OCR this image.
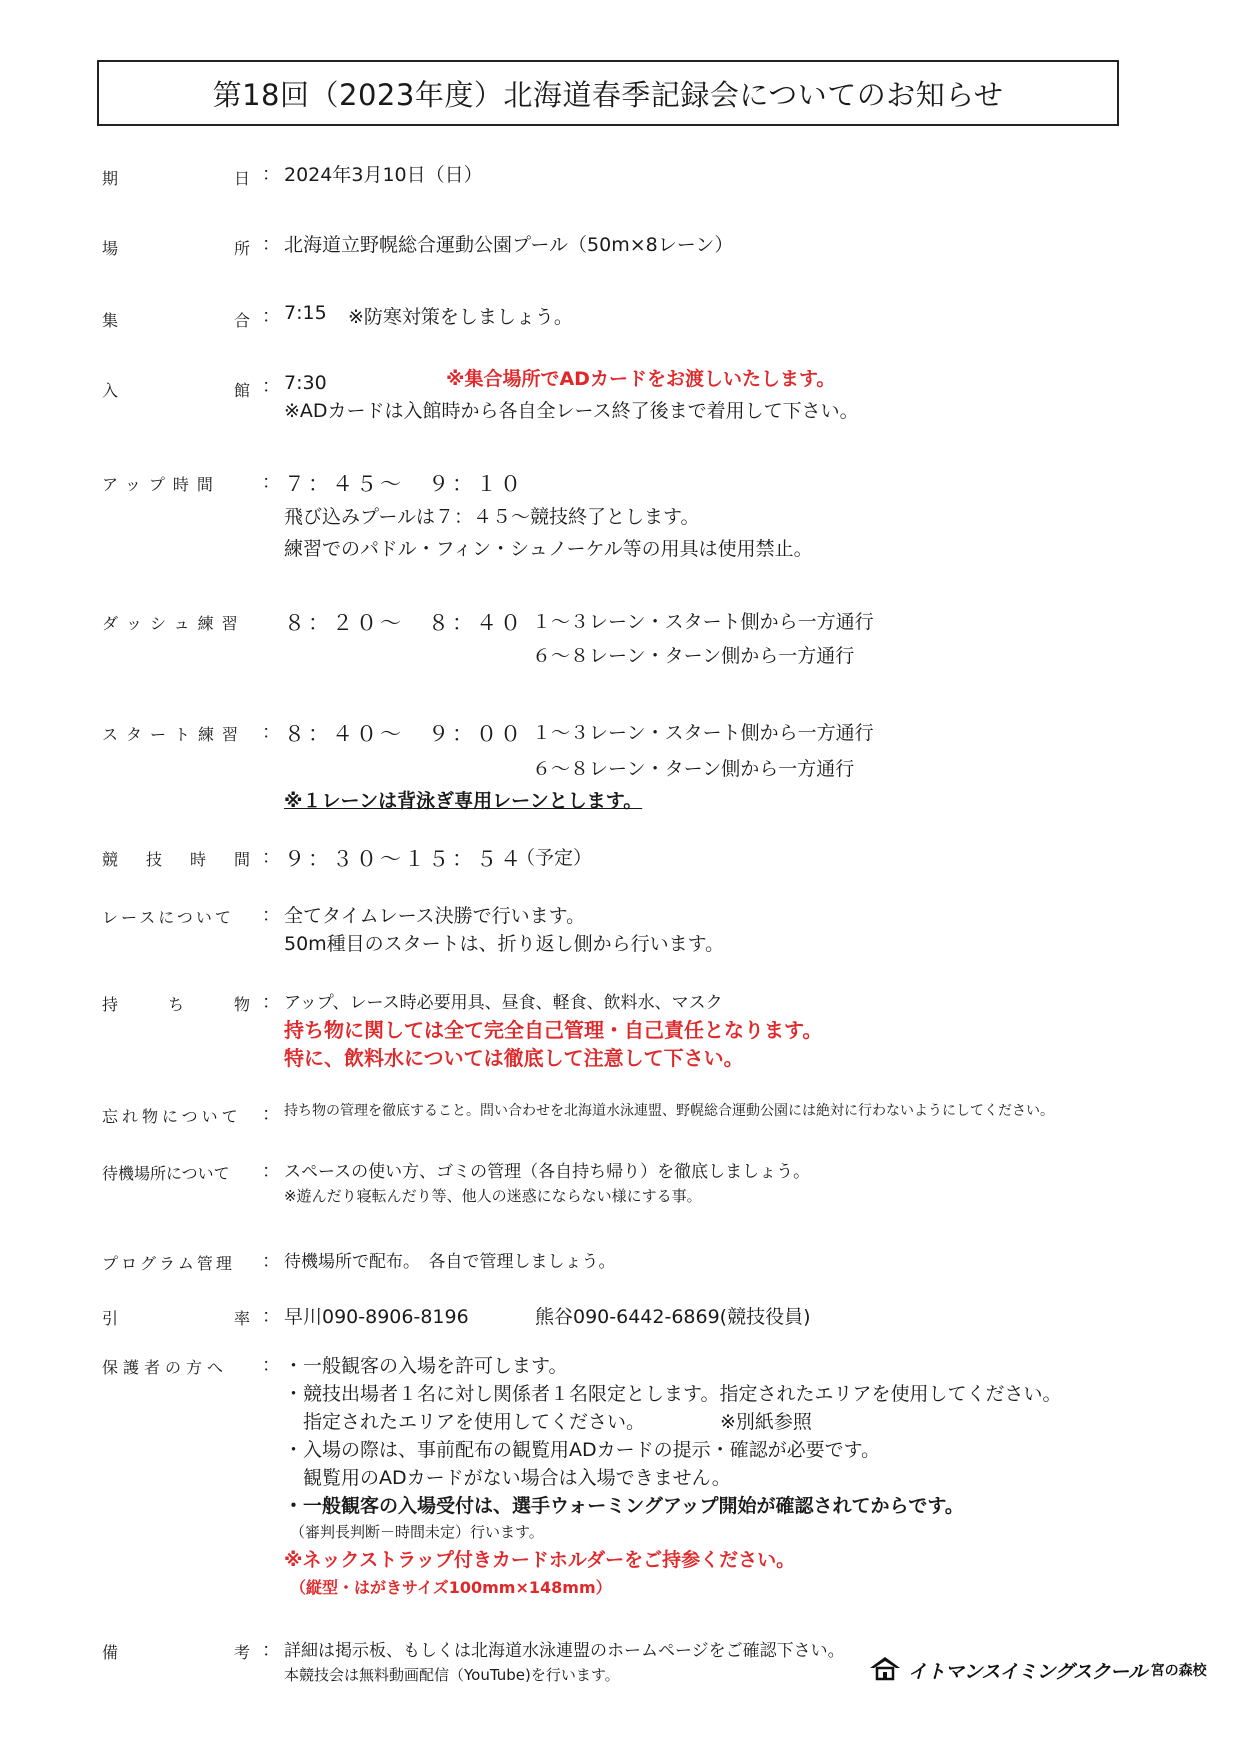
第18回（2023年度）北海道春季記録会についてのお知らせ
期	日 ： 2024年3月10日（日）
場	所 ： 北海道立野幌総合運動公園プール（50m×8レーン）
集	合 ： 7:15 ※防寒対策をしましょう。
入	館 ： 7:30	※集合場所でADカードをお渡しいたします。
※ADカードは入館時から各自全レース終了後まで着用して下さい。
アップ時間	： ７：４５～　９：１０
飛び込みプールは７：４５～競技終了とします。
練習でのパドル・フィン・シュノーケル等の用具は使用禁止。
ダッシュ練習 ８：２０～　８：４０ １～３レーン・スタート側から一方通行
６～８レーン・ターン側から一方通行
スタート練習 ： ８：４０～　９：００ １～３レーン・スタート側から一方通行
６～８レーン・ターン側から一方通行
※１レーンは背泳ぎ専用レーンとします。
競 技 時 間 ： ９：３０～１５：５４
（予定）
レースについて	： 全てタイムレース決勝で行います。
50m種目のスタートは、折り返し側から行います。
持	ち	物 ： アップ、レース時必要用具、昼食、軽食、飲料水、マスク
持ち物に関しては全て完全自己管理・自己責任となります。
特に、飲料水については徹底して注意して下さい。
忘れ物について	： 持ち物の管理を徹底すること。問い合わせを北海道水泳連盟、野幌総合運動公園には絶対に行わないようにしてください。
待機場所について	： スペースの使い方、ゴミの管理（各自持ち帰り）を徹底しましょう。
※遊んだり寝転んだり等、他人の迷惑にならない様にする事。
プログラム管理	： 待機場所で配布。　各自で管理しましょう。
引	率 ： 早川090-8906-8196	熊谷090-6442-6869(競技役員)
保護者の方へ	： ・一般観客の入場を許可します。
・競技出場者１名に対し関係者１名限定とします。指定されたエリアを使用してください。
指定されたエリアを使用してください。	※別紙参照
・入場の際は、事前配布の観覧用ADカードの提示・確認が必要です。
観覧用のADカードがない場合は入場できません。
・一般観客の入場受付は、選手ウォーミングアップ開始が確認されてからです。
（審判長判断－時間未定）行います。
※ネックストラップ付きカードホルダーをご持参ください。
（縦型・はがきサイズ100mm×148mm）
備	考 ： 詳細は掲示板、もしくは北海道水泳連盟のホームページをご確認下さい。
本競技会は無料動画配信（YouTube)を行います。	イトマンスイミングスクール 宮の森校
